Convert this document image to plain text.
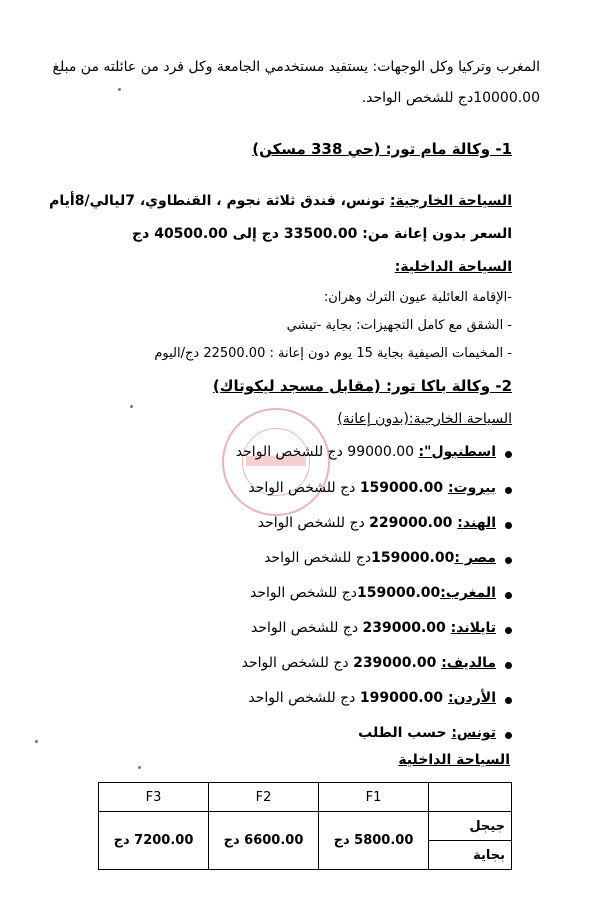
المغرب وتركيا وكل الوجهات: يستفيد مستخدمي الجامعة وكل فرد من عائلته من مبلغ
10000.00دج للشخص الواحد.
1- وكالة مام تور: (حي 338 مسكن)
السياحة الخارجية: تونس، فندق ثلاثة نجوم ، القنطاوي، 7ليالي/8أيام
السعر بدون إعانة من: 33500.00 دج إلى 40500.00 دج
السياحة الداخلية:
-الإقامة العائلية عيون الترك وهران:
- الشقق مع كامل التجهيزات: بجاية -تيشي
- المخيمات الصيفية بجاية 15 يوم دون إعانة : 22500.00 دج/اليوم
2- وكالة باكا تور: (مقابل مسجد ليكوتاك)
السياحة الخارجية:(بدون إعانة)
اسطنبول": 99000.00 دج للشخص الواحد
بيروت: 159000.00 دج للشخص الواحد
الهند: 229000.00 دج للشخص الواحد
مصر :159000.00دج للشخص الواحد
المغرب:159000.00دج للشخص الواحد
تايلاند: 239000.00 دج للشخص الواحد
مالديف: 239000.00 دج للشخص الواحد
الأردن: 199000.00 دج للشخص الواحد
تونس: حسب الطلب
السياحة الداخلية
	F1	F2	F3
جيجل	5800.00 دج	6600.00 دج	7200.00 دج
بجاية			
